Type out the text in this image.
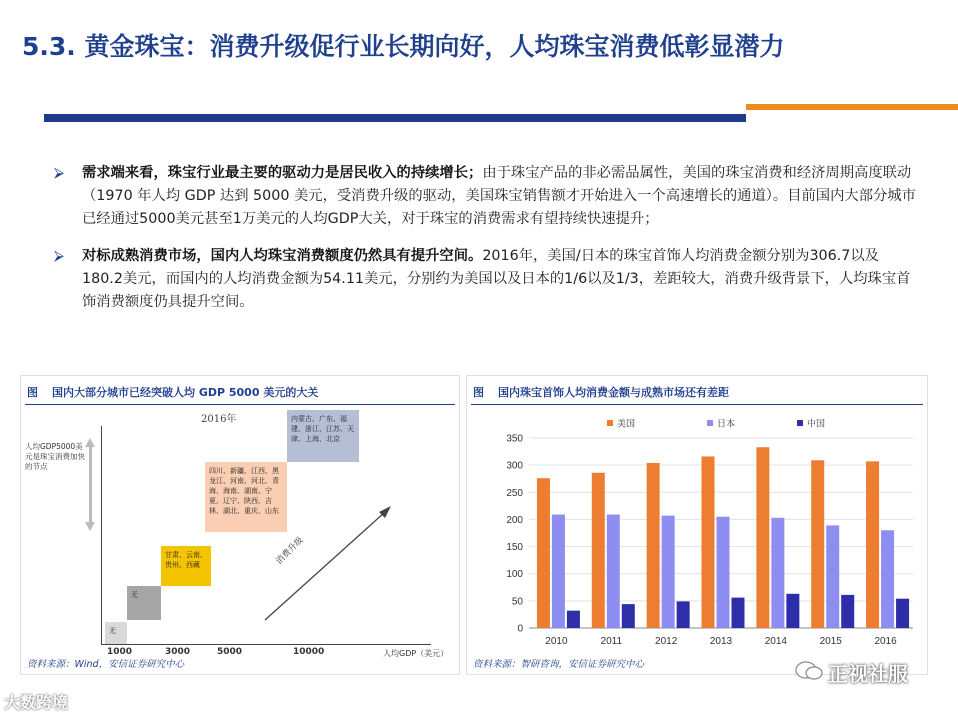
5.3. 黄金珠宝：消费升级促行业长期向好，人均珠宝消费低彰显潜力
⮚ 需求端来看，珠宝行业最主要的驱动力是居民收入的持续增长；由于珠宝产品的非必需品属性，美国的珠宝消费和经济周期高度联动（1970 年人均 GDP 达到 5000 美元，受消费升级的驱动，美国珠宝销售额才开始进入一个高速增长的通道）。目前国内大部分城市已经通过5000美元甚至1万美元的人均GDP大关，对于珠宝的消费需求有望持续快速提升；
⮚ 对标成熟消费市场，国内人均珠宝消费额度仍然具有提升空间。2016年，美国/日本的珠宝首饰人均消费金额分别为306.7以及180.2美元，而国内的人均消费金额为54.11美元，分别约为美国以及日本的1/6以及1/3，差距较大，消费升级背景下，人均珠宝首饰消费额度仍具提升空间。
图 国内大部分城市已经突破人均 GDP 5000 美元的大关
2016年
人均GDP5000美元是珠宝消费加快的节点
无
无
甘肃、云南、贵州、西藏
四川、新疆、江西、黑龙江、河南、河北、青海、海南、湖南、宁夏、辽宁、陕西、吉林、湖北、重庆、山东
内蒙古、广东、福建、浙江、江苏、天津、上海、北京
消费升级
1000	3000	5000	10000	人均GDP（美元）
资料来源：Wind，安信证券研究中心
图 国内珠宝首饰人均消费金额与成熟市场还有差距
0
50
100
150
200
250
300
350
2010	2011	2012	2013	2014	2015	2016
美国	日本	中国
资料来源：智研咨询，安信证券研究中心	正视社服
大数跨境
